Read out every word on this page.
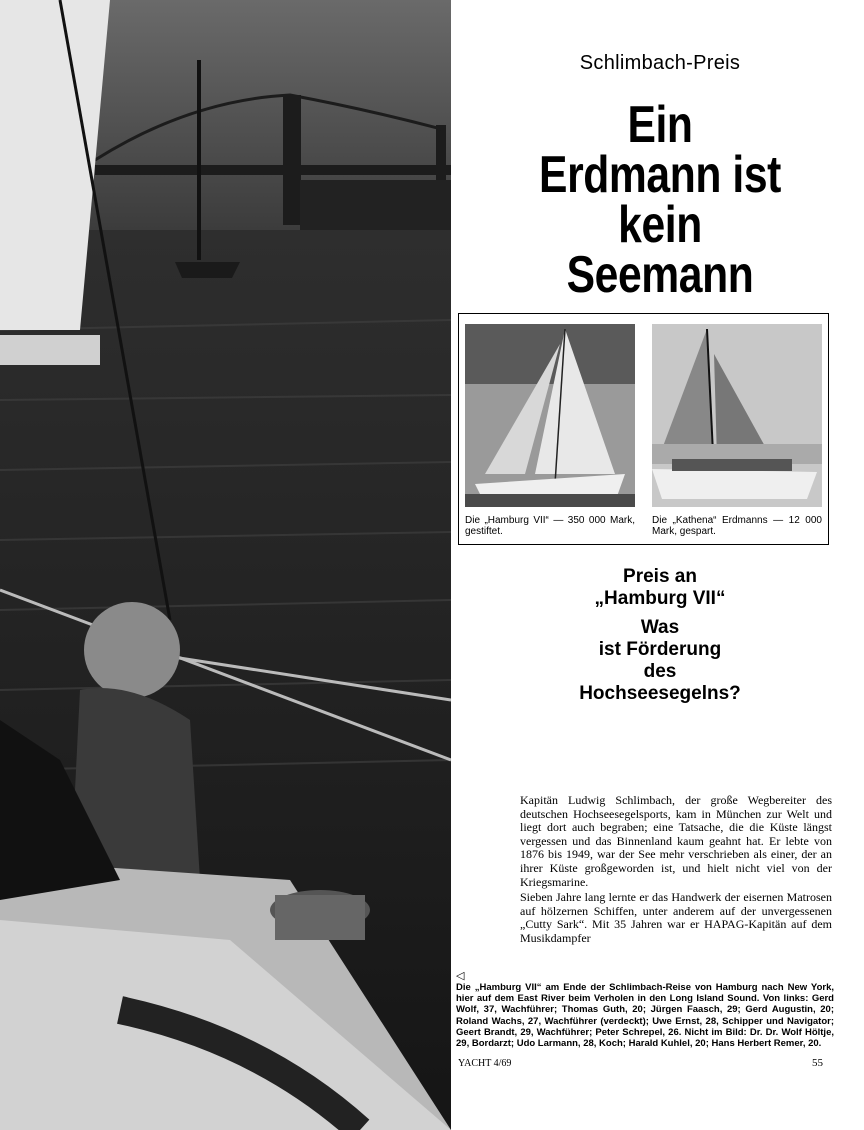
Schlimbach-Preis
Ein
Erdmann ist
kein
Seemann
Die „Hamburg VII“ — 350 000 Mark, gestiftet.
Die „Kathena“ Erdmanns — 12 000 Mark, gespart.
Preis an
„Hamburg VII“
Was
ist Förderung
des
Hochseesegelns?

Kapitän Ludwig Schlimbach, der große Wegbereiter des deutschen Hochseesegelsports, kam in München zur Welt und liegt dort auch begraben; eine Tatsache, die die Küste längst vergessen und das Binnenland kaum geahnt hat. Er lebte von 1876 bis 1949, war der See mehr verschrieben als einer, der an ihrer Küste großgeworden ist, und hielt nicht viel von der Kriegsmarine.

Sieben Jahre lang lernte er das Handwerk der eisernen Matrosen auf hölzernen Schiffen, unter anderem auf der unvergessenen „Cutty Sark“. Mit 35 Jahren war er HAPAG-Kapitän auf dem Musikdampfer

◁
Die „Hamburg VII“ am Ende der Schlimbach-Reise von Hamburg nach New York, hier auf dem East River beim Verholen in den Long Island Sound. Von links: Gerd Wolf, 37, Wachführer; Thomas Guth, 20; Jürgen Faasch, 29; Gerd Augustin, 20; Roland Wachs, 27, Wachführer (verdeckt); Uwe Ernst, 28, Schipper und Navigator; Geert Brandt, 29, Wachführer; Peter Schrepel, 26. Nicht im Bild: Dr. Dr. Wolf Höltje, 29, Bordarzt; Udo Larmann, 28, Koch; Harald Kuhlel, 20; Hans Herbert Remer, 20.
YACHT 4/69	55
